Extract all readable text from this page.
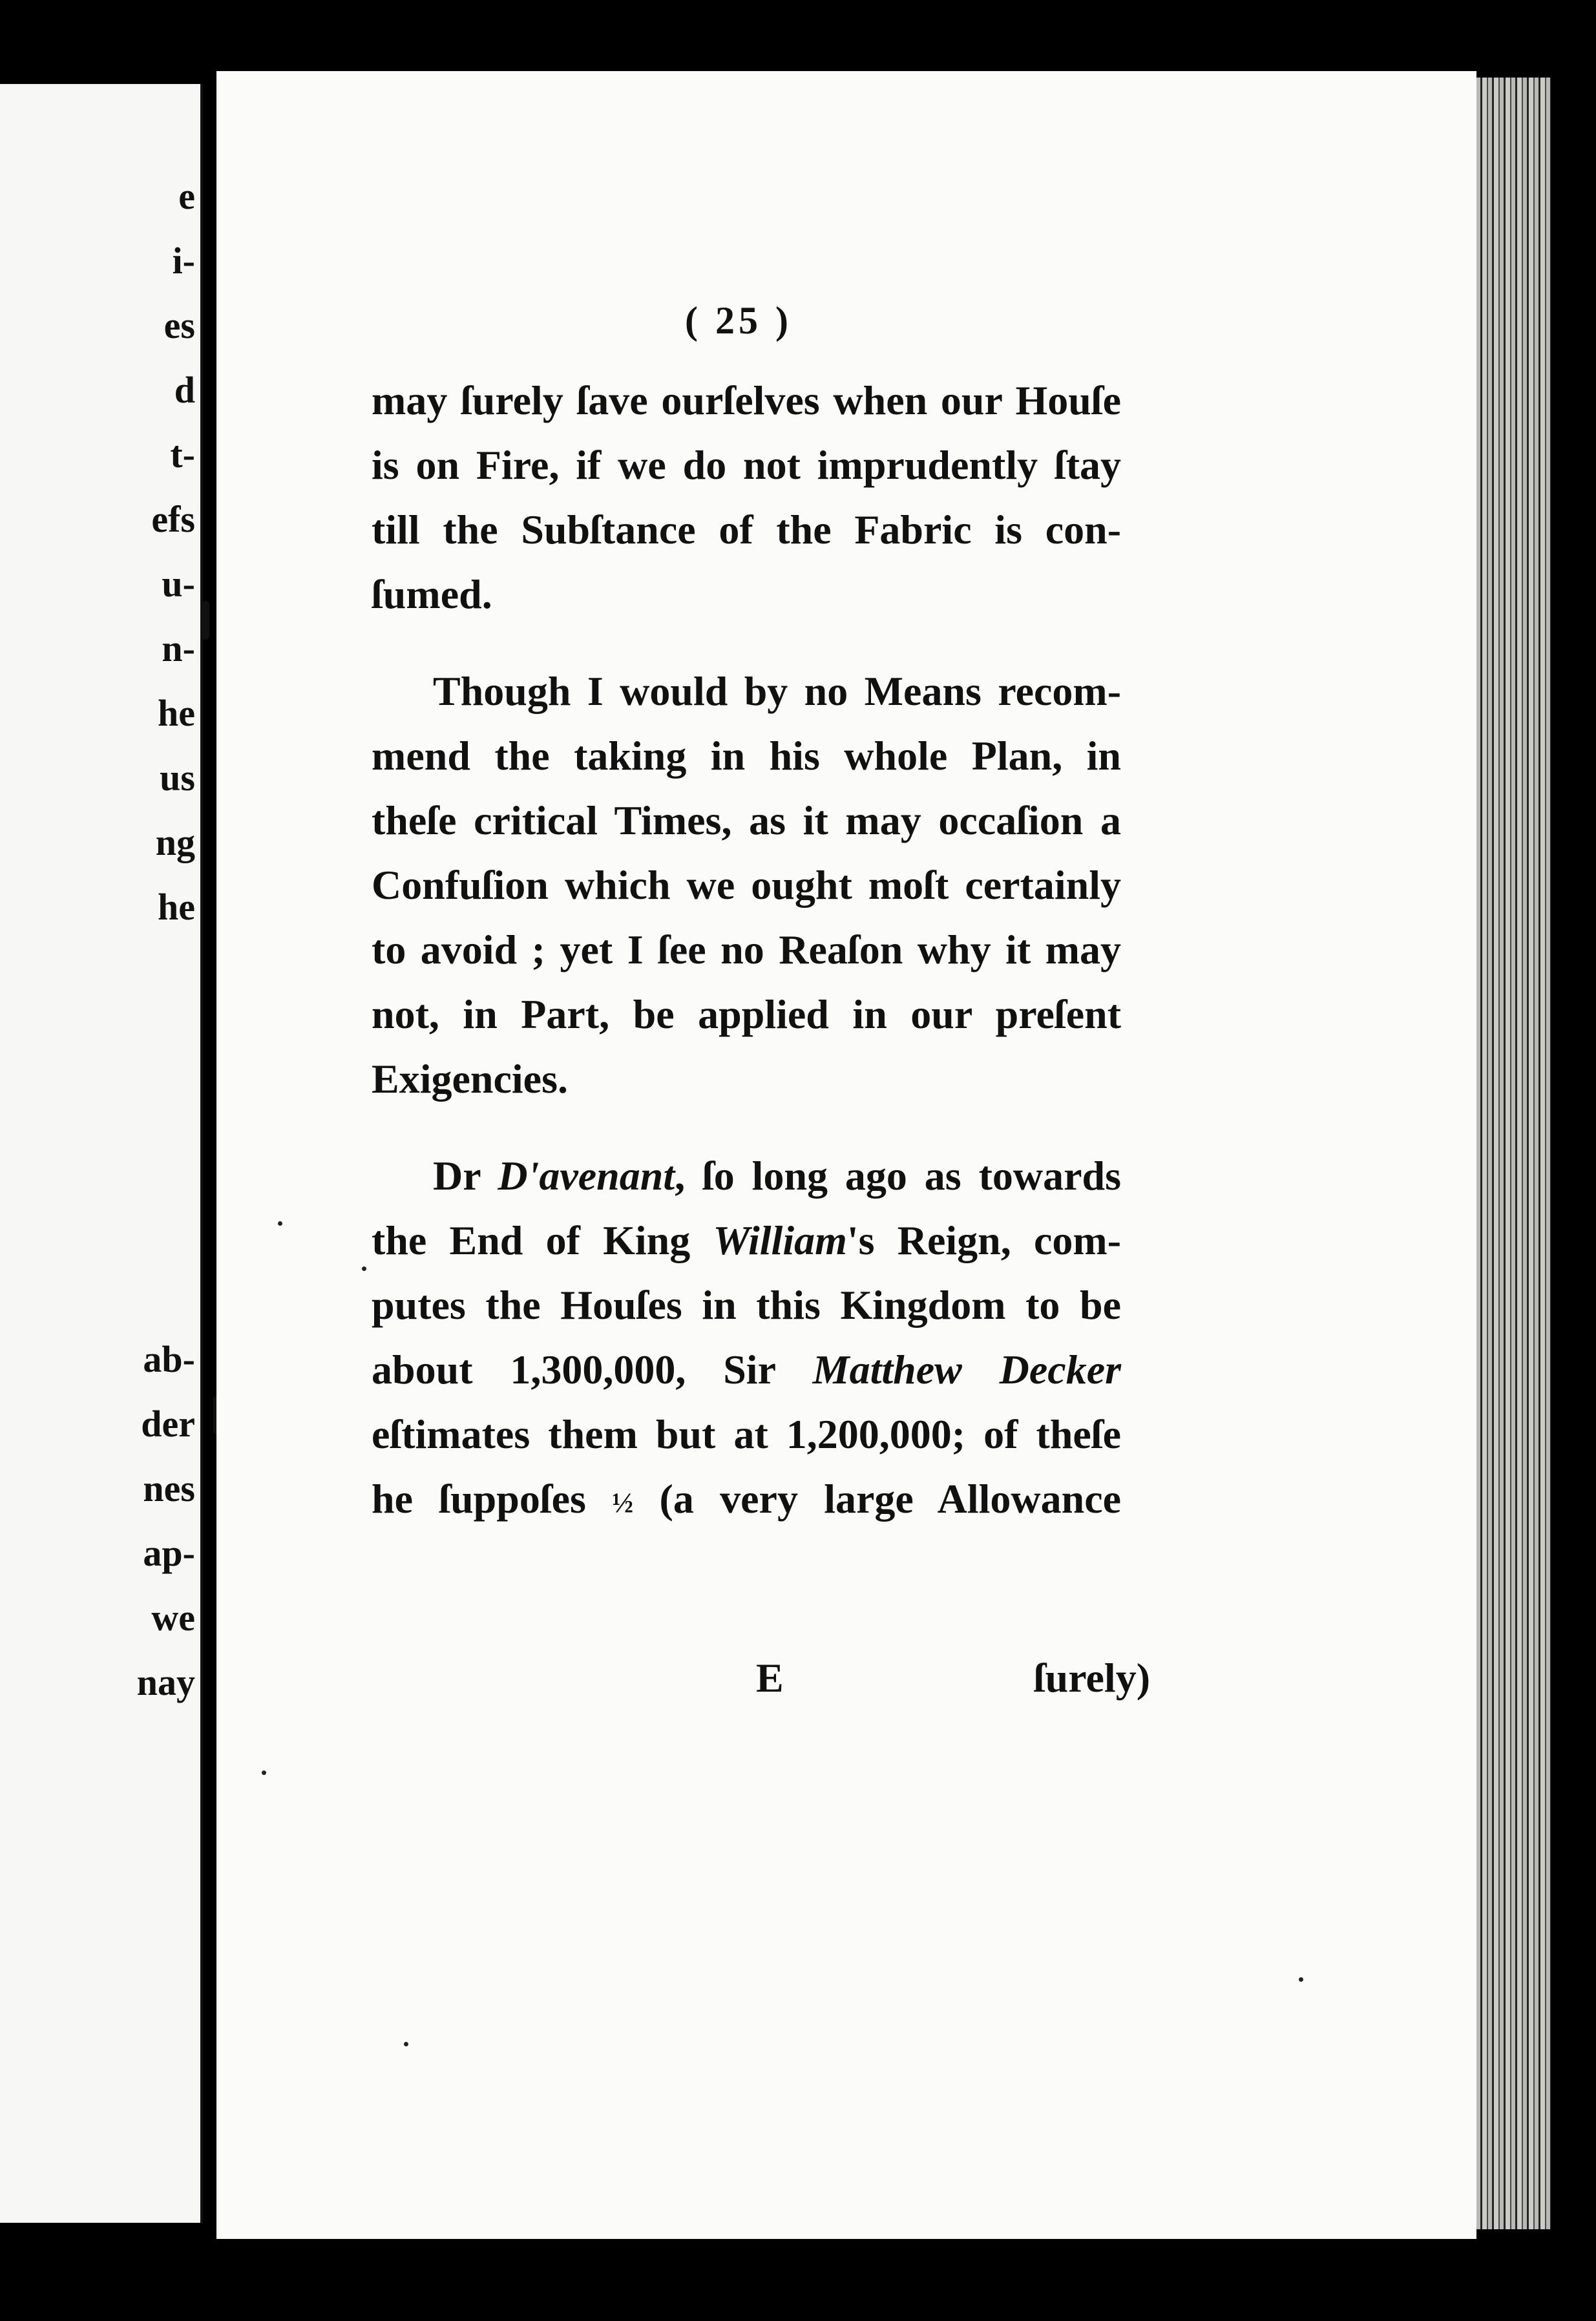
e
i-
es
d
t-
efs
u-
n-
he
us
ng
he
ab-
der
nes
ap-
we
nay
( 25 )
may ſurely ſave ourſelves when our Houſe
is on Fire, if we do not imprudently ſtay
till the Subſtance of the Fabric is con-
ſumed.
Though I would by no Means recom-
mend the taking in his whole Plan, in
theſe critical Times, as it may occaſion a
Confuſion which we ought moſt certainly
to avoid ; yet I ſee no Reaſon why it may
not, in Part, be applied in our preſent
Exigencies.
Dr D'avenant, ſo long ago as towards
the End of King William's Reign, com-
putes the Houſes in this Kingdom to be
about 1,300,000, Sir Matthew Decker
eſtimates them but at 1,200,000; of theſe
he ſuppoſes ½ (a very large Allowance
E	ſurely)
